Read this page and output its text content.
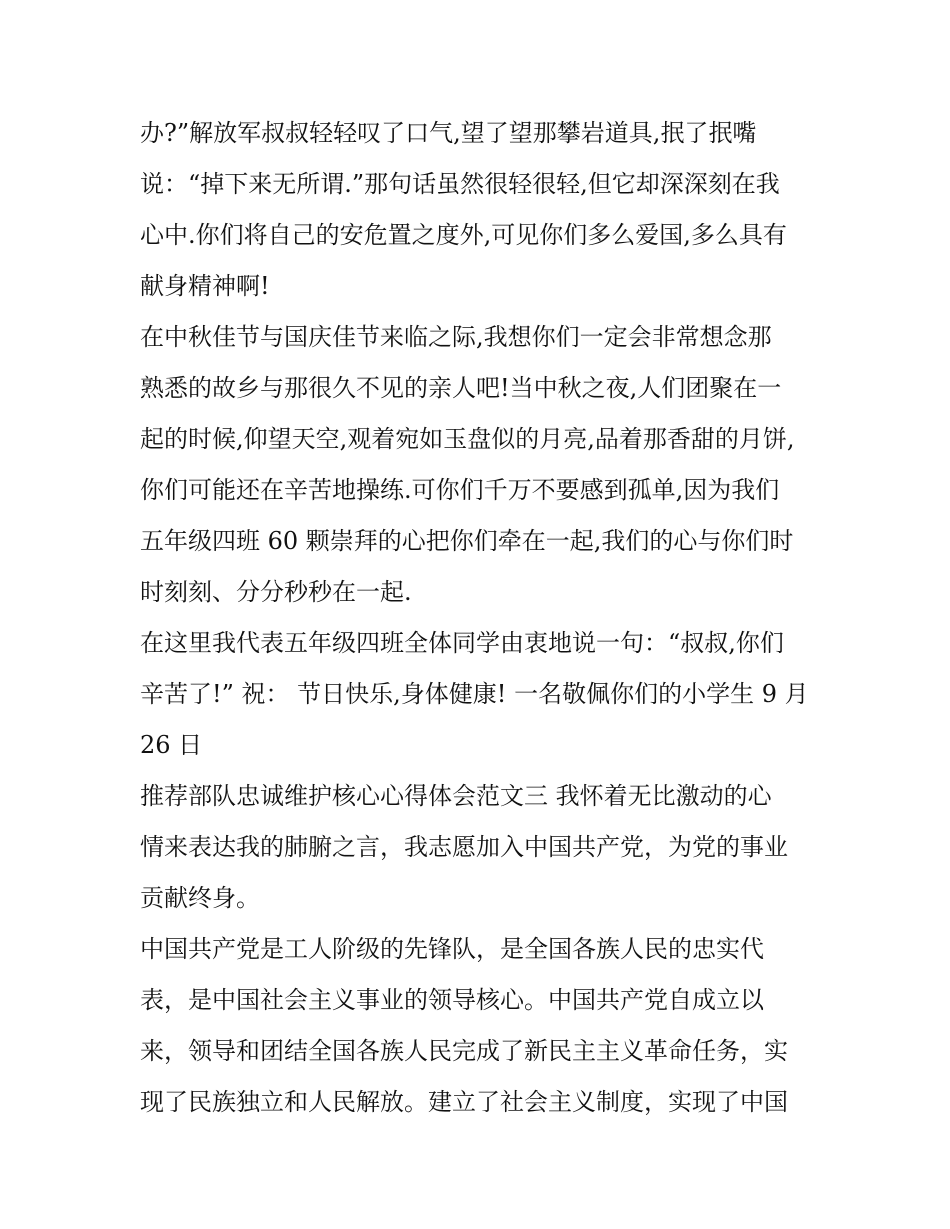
办?”解放军叔叔轻轻叹了口气,望了望那攀岩道具,抿了抿嘴
说：“掉下来无所谓.”那句话虽然很轻很轻,但它却深深刻在我
心中.你们将自己的安危置之度外,可见你们多么爱国,多么具有
献身精神啊!
在中秋佳节与国庆佳节来临之际,我想你们一定会非常想念那
熟悉的故乡与那很久不见的亲人吧!当中秋之夜,人们团聚在一
起的时候,仰望天空,观着宛如玉盘似的月亮,品着那香甜的月饼,
你们可能还在辛苦地操练.可你们千万不要感到孤单,因为我们
五年级四班 60 颗崇拜的心把你们牵在一起,我们的心与你们时
时刻刻、分分秒秒在一起.
在这里我代表五年级四班全体同学由衷地说一句：“叔叔,你们
辛苦了!” 祝： 节日快乐,身体健康! 一名敬佩你们的小学生 9 月
26 日
推荐部队忠诚维护核心心得体会范文三 我怀着无比激动的心
情来表达我的肺腑之言，我志愿加入中国共产党，为党的事业
贡献终身。
中国共产党是工人阶级的先锋队，是全国各族人民的忠实代
表，是中国社会主义事业的领导核心。中国共产党自成立以
来，领导和团结全国各族人民完成了新民主主义革命任务，实
现了民族独立和人民解放。建立了社会主义制度，实现了中国
